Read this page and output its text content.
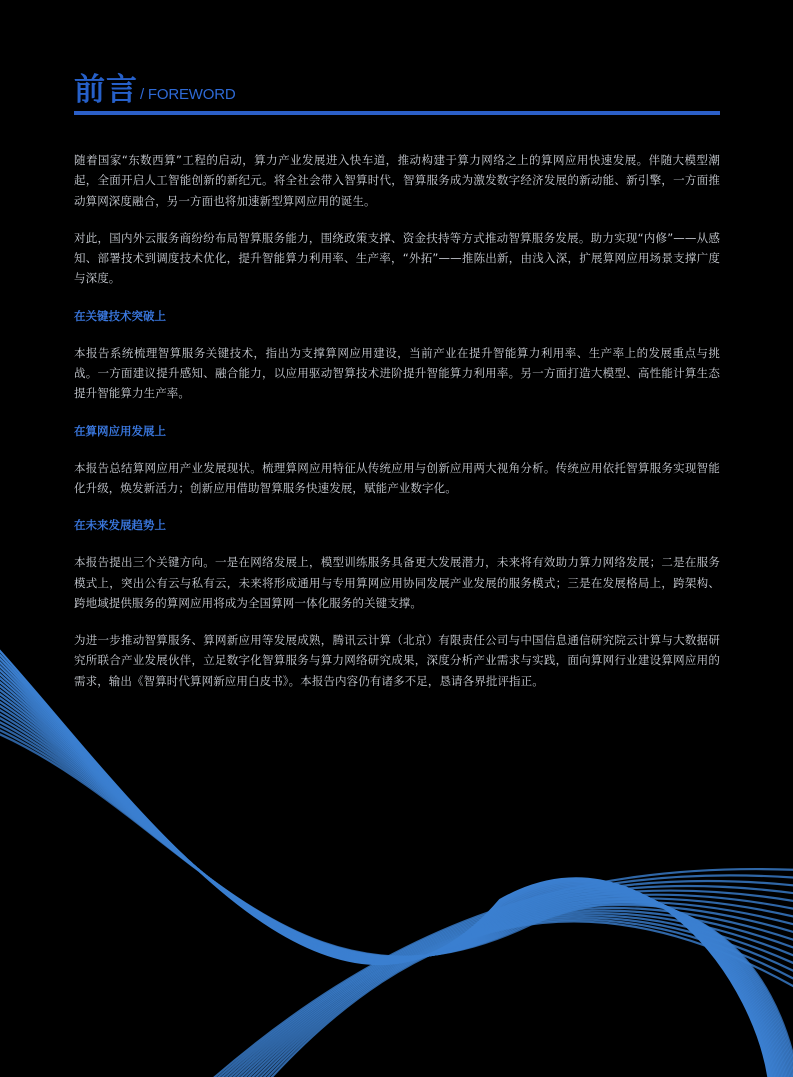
前言 / FOREWORD

随着国家“东数西算”工程的启动，算力产业发展进入快车道，推动构建于算力网络之上的算网应用快速发展。伴随大模型潮起，全面开启人工智能创新的新纪元。将全社会带入智算时代，智算服务成为激发数字经济发展的新动能、新引擎，一方面推动算网深度融合，另一方面也将加速新型算网应用的诞生。

对此，国内外云服务商纷纷布局智算服务能力，围绕政策支撑、资金扶持等方式推动智算服务发展。助力实现“内修”——从感知、部署技术到调度技术优化，提升智能算力利用率、生产率，“外拓”——推陈出新，由浅入深，扩展算网应用场景支撑广度与深度。

在关键技术突破上

本报告系统梳理智算服务关键技术，指出为支撑算网应用建设，当前产业在提升智能算力利用率、生产率上的发展重点与挑战。一方面建议提升感知、融合能力，以应用驱动智算技术进阶提升智能算力利用率。另一方面打造大模型、高性能计算生态提升智能算力生产率。

在算网应用发展上

本报告总结算网应用产业发展现状。梳理算网应用特征从传统应用与创新应用两大视角分析。传统应用依托智算服务实现智能化升级，焕发新活力；创新应用借助智算服务快速发展，赋能产业数字化。

在未来发展趋势上

本报告提出三个关键方向。一是在网络发展上，模型训练服务具备更大发展潜力，未来将有效助力算力网络发展；二是在服务模式上，突出公有云与私有云，未来将形成通用与专用算网应用协同发展产业发展的服务模式；三是在发展格局上，跨架构、跨地域提供服务的算网应用将成为全国算网一体化服务的关键支撑。

为进一步推动智算服务、算网新应用等发展成熟，腾讯云计算（北京）有限责任公司与中国信息通信研究院云计算与大数据研究所联合产业发展伙伴，立足数字化智算服务与算力网络研究成果，深度分析产业需求与实践，面向算网行业建设算网应用的需求，输出《智算时代算网新应用白皮书》。本报告内容仍有诸多不足，恳请各界批评指正。
